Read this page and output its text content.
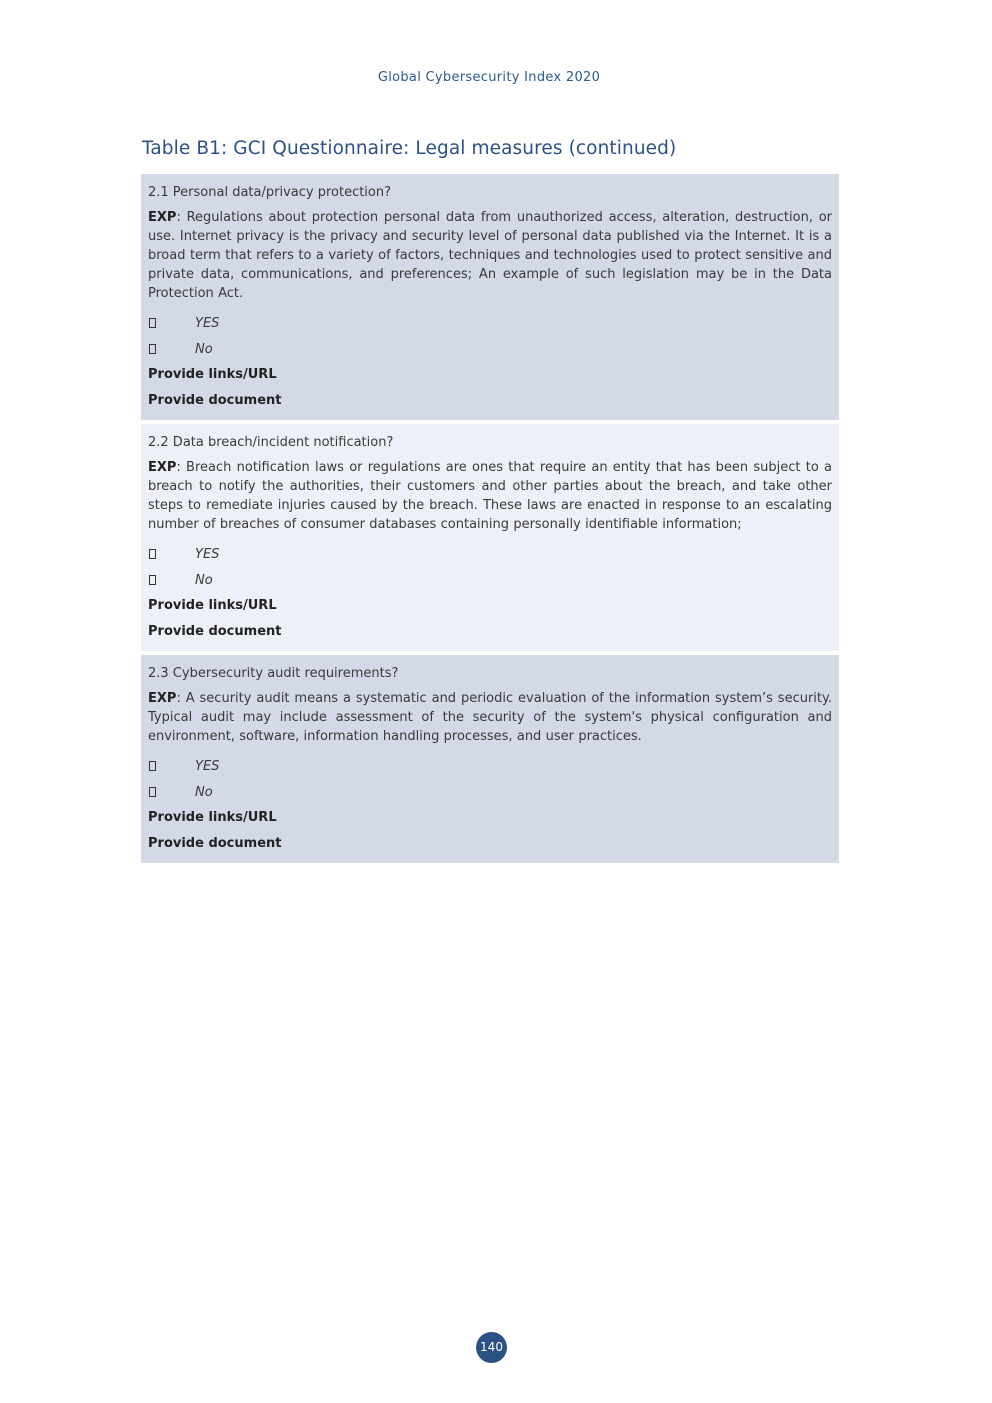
Global Cybersecurity Index 2020
Table B1: GCI Questionnaire: Legal measures (continued)

2.1 Personal data/privacy protection?

EXP: Regulations about protection personal data from unauthorized access, alteration, destruction, or use. Internet privacy is the privacy and security level of personal data published via the Internet. It is a broad term that refers to a variety of factors, techniques and technologies used to protect sensitive and private data, communications, and preferences; An example of such legislation may be in the Data Protection Act.

YES
No
Provide links/URL
Provide document

2.2 Data breach/incident notification?

EXP: Breach notification laws or regulations are ones that require an entity that has been subject to a breach to notify the authorities, their customers and other parties about the breach, and take other steps to remediate injuries caused by the breach. These laws are enacted in response to an escalating number of breaches of consumer databases containing personally identifiable information;

YES
No
Provide links/URL
Provide document

2.3 Cybersecurity audit requirements?

EXP: A security audit means a systematic and periodic evaluation of the information system’s security. Typical audit may include assessment of the security of the system's physical configuration and environment, software, information handling processes, and user practices.

YES
No
Provide links/URL
Provide document
140
